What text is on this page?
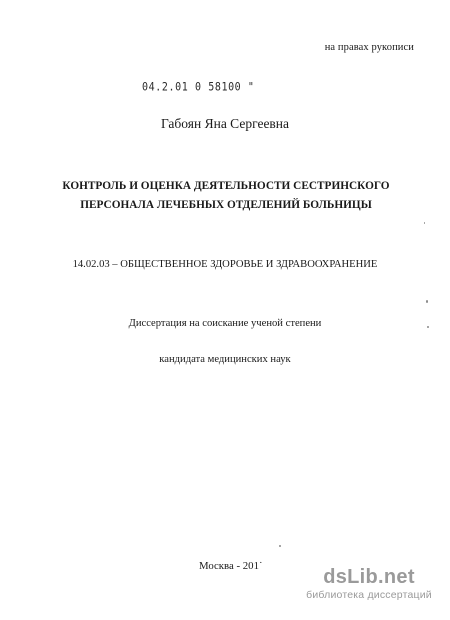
на правах рукописи
04.2.01 0 58100 "
Габоян Яна Сергеевна
КОНТРОЛЬ И ОЦЕНКА ДЕЯТЕЛЬНОСТИ СЕСТРИНСКОГО
ПЕРСОНАЛА ЛЕЧЕБНЫХ ОТДЕЛЕНИЙ БОЛЬНИЦЫ
14.02.03 – ОБЩЕСТВЕННОЕ ЗДОРОВЬЕ И ЗДРАВООХРАНЕНИЕ
Диссертация на соискание ученой степени
кандидата медицинских наук
Москва - 201˙	dsLib.net
библиотека диссертаций
